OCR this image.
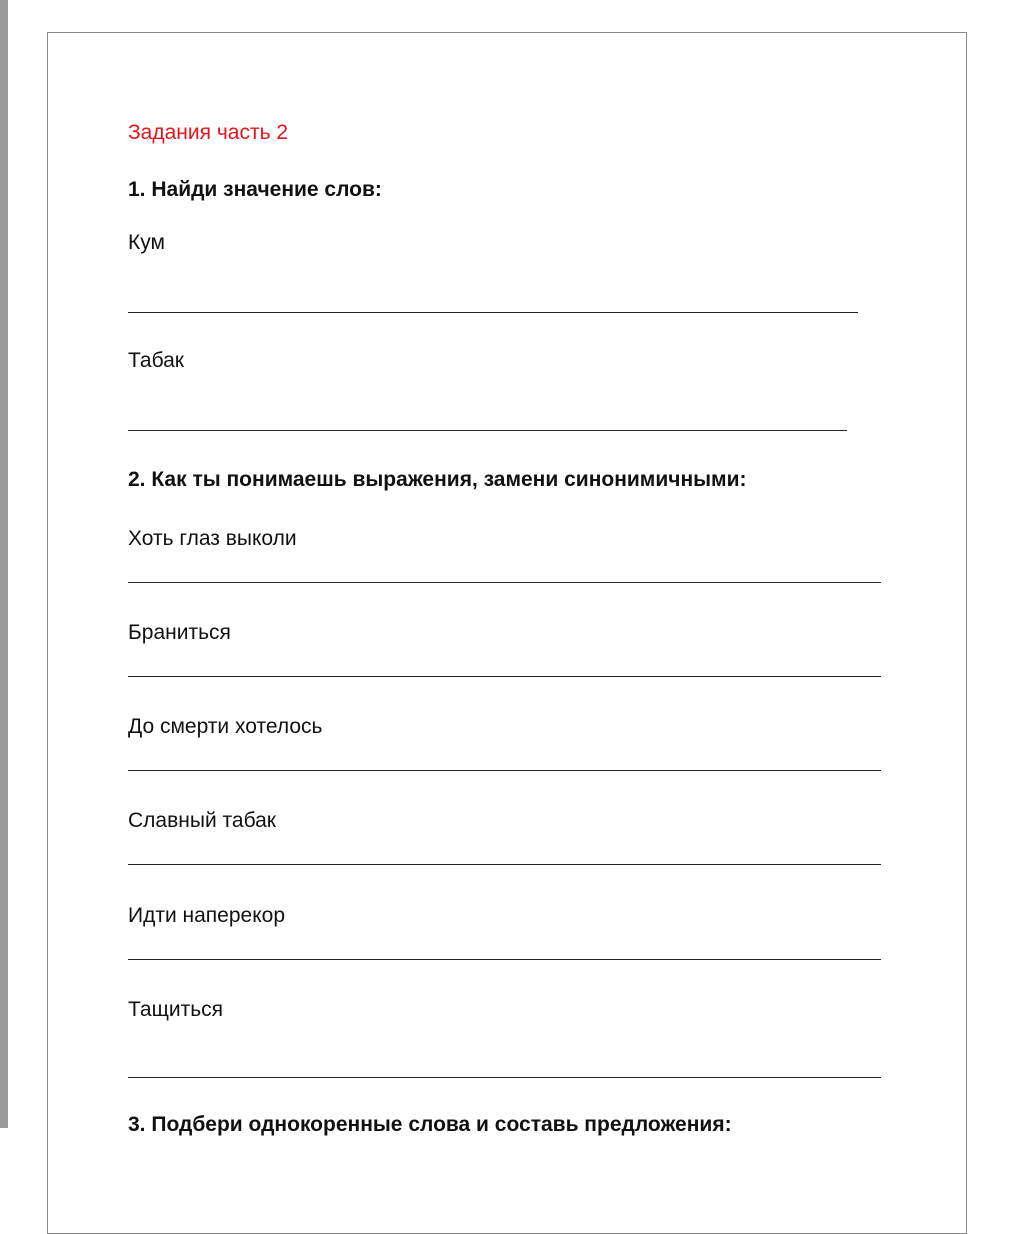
Задания часть 2
1. Найди значение слов:
Кум
Табак
2. Как ты понимаешь выражения, замени синонимичными:
Хоть глаз выколи
Браниться
До смерти хотелось
Славный табак
Идти наперекор
Тащиться
3. Подбери однокоренные слова и составь предложения:
